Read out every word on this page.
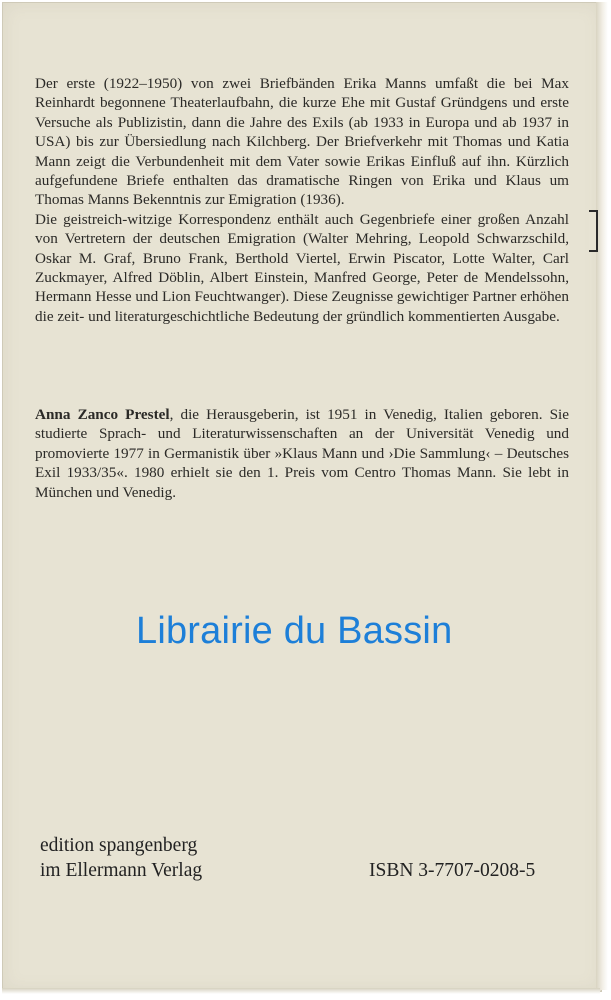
Der erste (1922–1950) von zwei Briefbänden Erika Manns umfaßt die bei Max Reinhardt begonnene Theaterlaufbahn, die kurze Ehe mit Gustaf Gründgens und erste Versuche als Publizistin, dann die Jahre des Exils (ab 1933 in Europa und ab 1937 in USA) bis zur Übersiedlung nach Kilchberg. Der Briefverkehr mit Thomas und Katia Mann zeigt die Verbundenheit mit dem Vater sowie Erikas Einfluß auf ihn. Kürzlich aufgefundene Briefe enthalten das dramatische Ringen von Erika und Klaus um Thomas Manns Bekenntnis zur Emigration (1936).

Die geistreich-witzige Korrespondenz enthält auch Gegenbriefe einer großen Anzahl von Vertretern der deutschen Emigration (Walter Mehring, Leopold Schwarzschild, Oskar M. Graf, Bruno Frank, Berthold Viertel, Erwin Piscator, Lotte Walter, Carl Zuckmayer, Alfred Döblin, Albert Einstein, Manfred George, Peter de Mendelssohn, Hermann Hesse und Lion Feuchtwanger). Diese Zeugnisse gewichtiger Partner erhöhen die zeit- und literaturgeschichtliche Bedeutung der gründlich kommentierten Ausgabe.

Anna Zanco Prestel, die Herausgeberin, ist 1951 in Venedig, Italien geboren. Sie studierte Sprach- und Literaturwissenschaften an der Universität Venedig und promovierte 1977 in Germanistik über »Klaus Mann und ›Die Sammlung‹ – Deutsches Exil 1933/35«. 1980 erhielt sie den 1. Preis vom Centro Thomas Mann. Sie lebt in München und Venedig.

Librairie du Bassin
edition spangenberg
im Ellermann Verlag	ISBN 3-7707-0208-5
